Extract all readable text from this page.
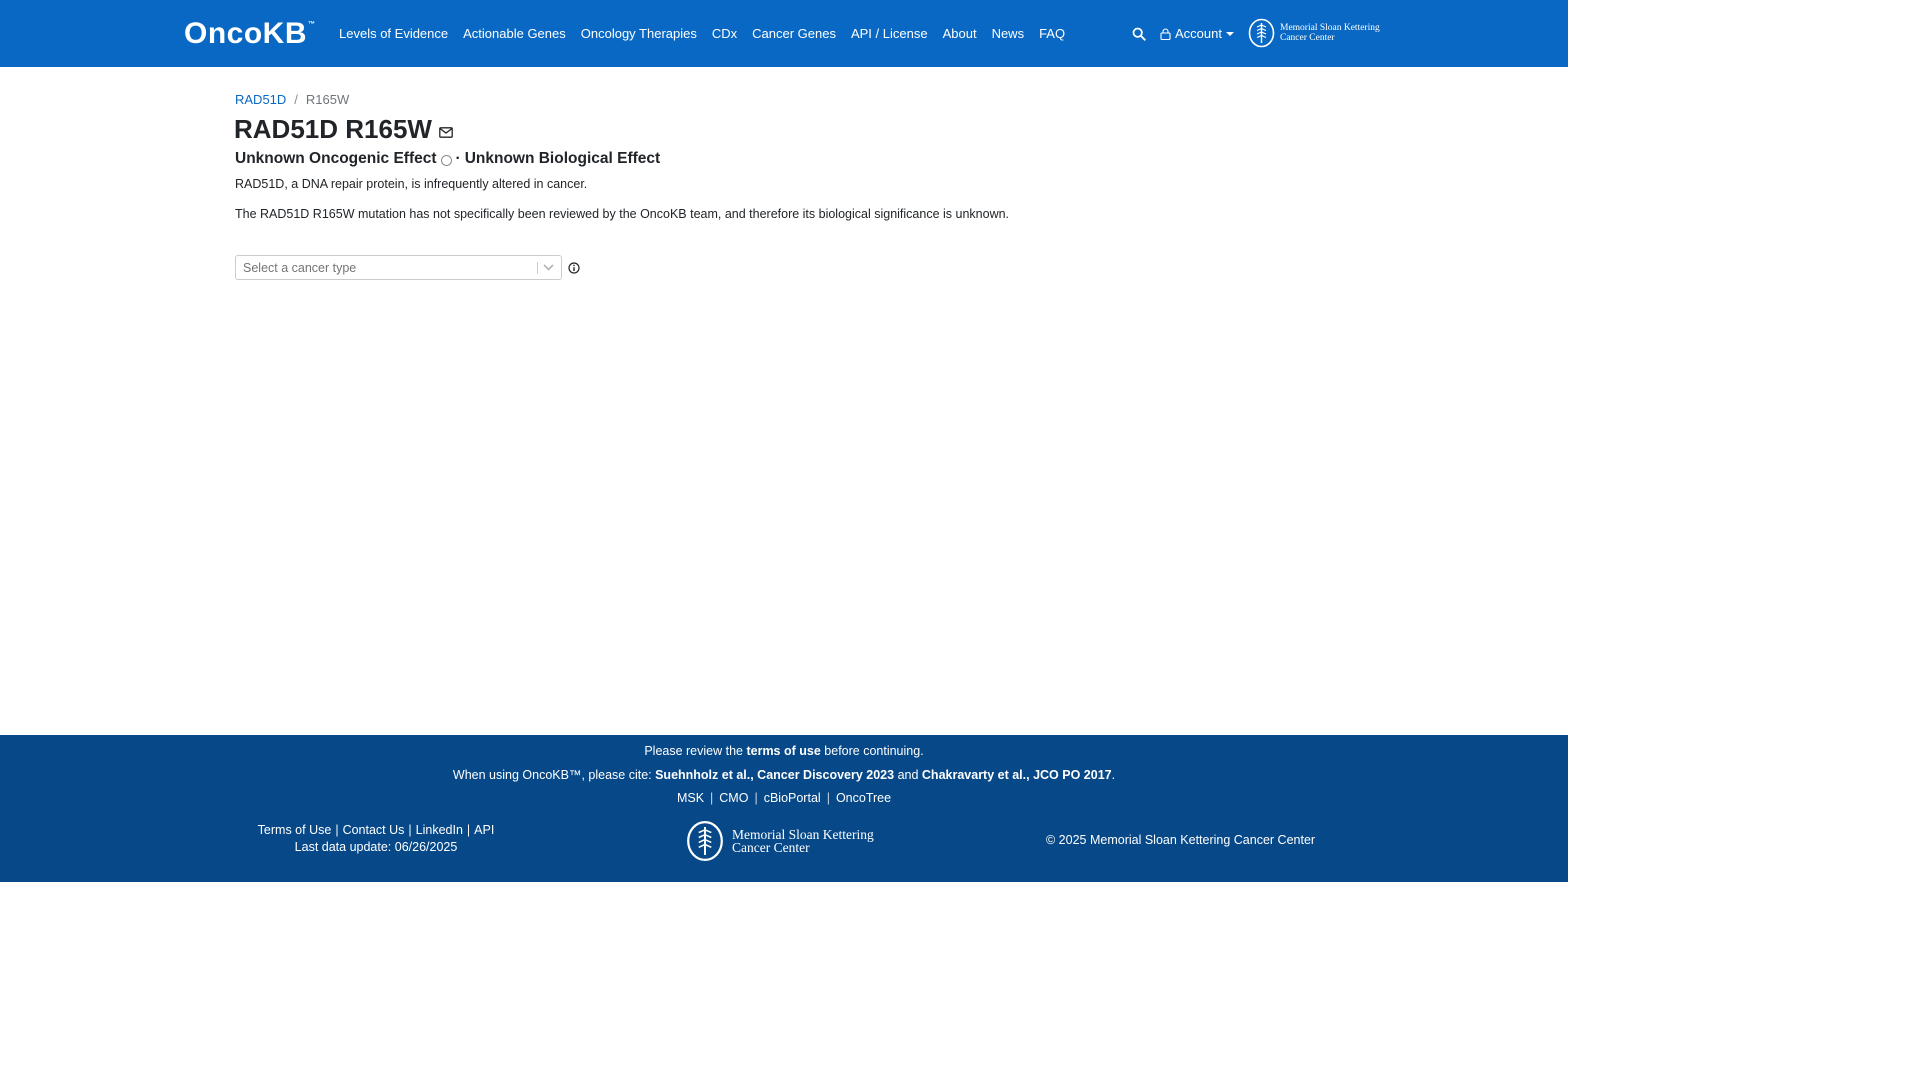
OncoKB ™
Levels of Evidence Actionable Genes Oncology Therapies CDx Cancer Genes API / License About News FAQ	Account	Memorial Sloan Kettering
Cancer Center
RAD51D / R165W
RAD51D R165W
Unknown Oncogenic Effect · Unknown Biological Effect
RAD51D, a DNA repair protein, is infrequently altered in cancer.
The RAD51D R165W mutation has not specifically been reviewed by the OncoKB team, and therefore its biological significance is unknown.
Select a cancer type
Please review the terms of use before continuing.
When using OncoKB™, please cite: Suehnholz et al., Cancer Discovery 2023 and Chakravarty et al., JCO PO 2017.
MSK | CMO | cBioPortal | OncoTree
Terms of Use | Contact Us | LinkedIn | API
Last data update: 06/26/2025
Memorial Sloan Kettering
Cancer Center	© 2025 Memorial Sloan Kettering Cancer Center
